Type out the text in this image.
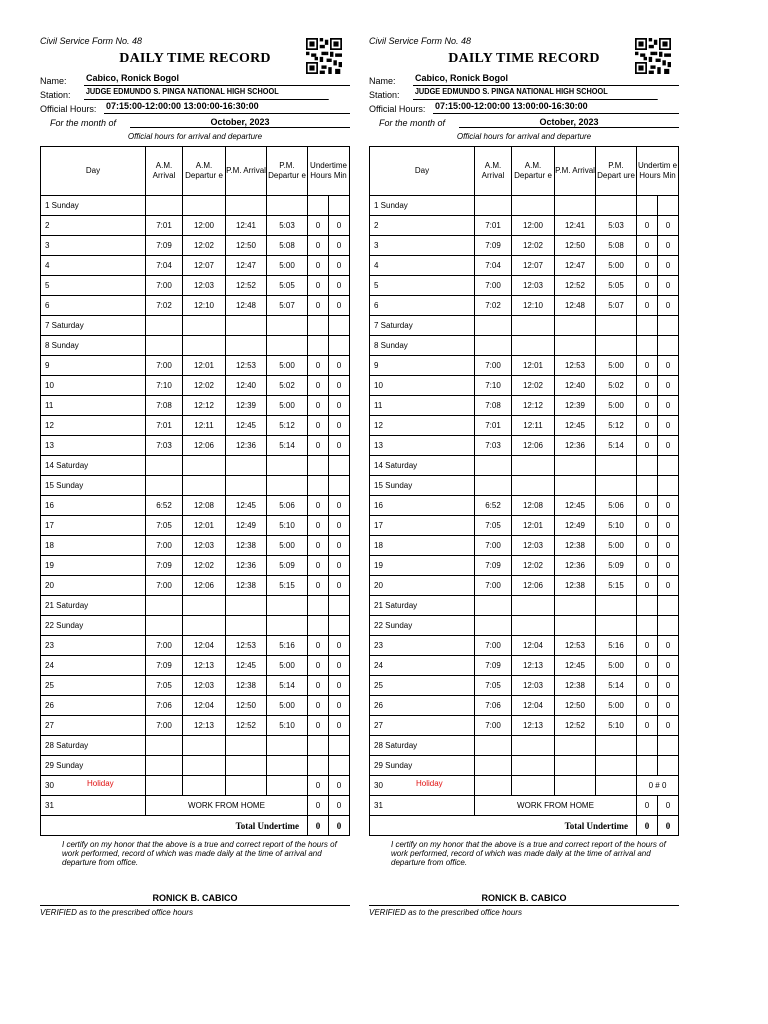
Civil Service Form No. 48
DAILY TIME RECORD
Name:	Cabico, Ronick Bogol
Station:	JUDGE EDMUNDO S. PINGA NATIONAL HIGH SCHOOL
Official Hours:	07:15:00-12:00:00 13:00:00-16:30:00
For the month of	October, 2023
Official hours for arrival and departure
Day	A.M. Arrival	A.M. Departur e	P.M. Arrival	P.M. Departur e	Undertime Hours Min	
1 Sunday						
2	7:01	12:00	12:41	5:03	0	0
3	7:09	12:02	12:50	5:08	0	0
4	7:04	12:07	12:47	5:00	0	0
5	7:00	12:03	12:52	5:05	0	0
6	7:02	12:10	12:48	5:07	0	0
7 Saturday						
8 Sunday						
9	7:00	12:01	12:53	5:00	0	0
10	7:10	12:02	12:40	5:02	0	0
11	7:08	12:12	12:39	5:00	0	0
12	7:01	12:11	12:45	5:12	0	0
13	7:03	12:06	12:36	5:14	0	0
14 Saturday						
15 Sunday						
16	6:52	12:08	12:45	5:06	0	0
17	7:05	12:01	12:49	5:10	0	0
18	7:00	12:03	12:38	5:00	0	0
19	7:09	12:02	12:36	5:09	0	0
20	7:00	12:06	12:38	5:15	0	0
21 Saturday						
22 Sunday						
23	7:00	12:04	12:53	5:16	0	0
24	7:09	12:13	12:45	5:00	0	0
25	7:05	12:03	12:38	5:14	0	0
26	7:06	12:04	12:50	5:00	0	0
27	7:00	12:13	12:52	5:10	0	0
28 Saturday						
29 Sunday						
30 Holiday					0	0
31	WORK FROM HOME				0	0
Total Undertime					0	0
I certify on my honor that the above is a true and correct report of the hours of work performed, record of which was made daily at the time of arrival and departure from office.
RONICK B. CABICO
VERIFIED as to the prescribed office hours
Civil Service Form No. 48
DAILY TIME RECORD
Name:	Cabico, Ronick Bogol
Station:	JUDGE EDMUNDO S. PINGA NATIONAL HIGH SCHOOL
Official Hours:	07:15:00-12:00:00 13:00:00-16:30:00
For the month of	October, 2023
Official hours for arrival and departure
Day	A.M. Arrival	A.M. Departur e	P.M. Arrival	P.M. Depart ure	Undertim e Hours Min	
1 Sunday						
2	7:01	12:00	12:41	5:03	0	0
3	7:09	12:02	12:50	5:08	0	0
4	7:04	12:07	12:47	5:00	0	0
5	7:00	12:03	12:52	5:05	0	0
6	7:02	12:10	12:48	5:07	0	0
7 Saturday						
8 Sunday						
9	7:00	12:01	12:53	5:00	0	0
10	7:10	12:02	12:40	5:02	0	0
11	7:08	12:12	12:39	5:00	0	0
12	7:01	12:11	12:45	5:12	0	0
13	7:03	12:06	12:36	5:14	0	0
14 Saturday						
15 Sunday						
16	6:52	12:08	12:45	5:06	0	0
17	7:05	12:01	12:49	5:10	0	0
18	7:00	12:03	12:38	5:00	0	0
19	7:09	12:02	12:36	5:09	0	0
20	7:00	12:06	12:38	5:15	0	0
21 Saturday						
22 Sunday						
23	7:00	12:04	12:53	5:16	0	0
24	7:09	12:13	12:45	5:00	0	0
25	7:05	12:03	12:38	5:14	0	0
26	7:06	12:04	12:50	5:00	0	0
27	7:00	12:13	12:52	5:10	0	0
28 Saturday						
29 Sunday						
30 Holiday					0 # 0	
31	WORK FROM HOME				0	0
Total Undertime					0	0
I certify on my honor that the above is a true and correct report of the hours of work performed, record of which was made daily at the time of arrival and departure from office.
RONICK B. CABICO
VERIFIED as to the prescribed office hours
